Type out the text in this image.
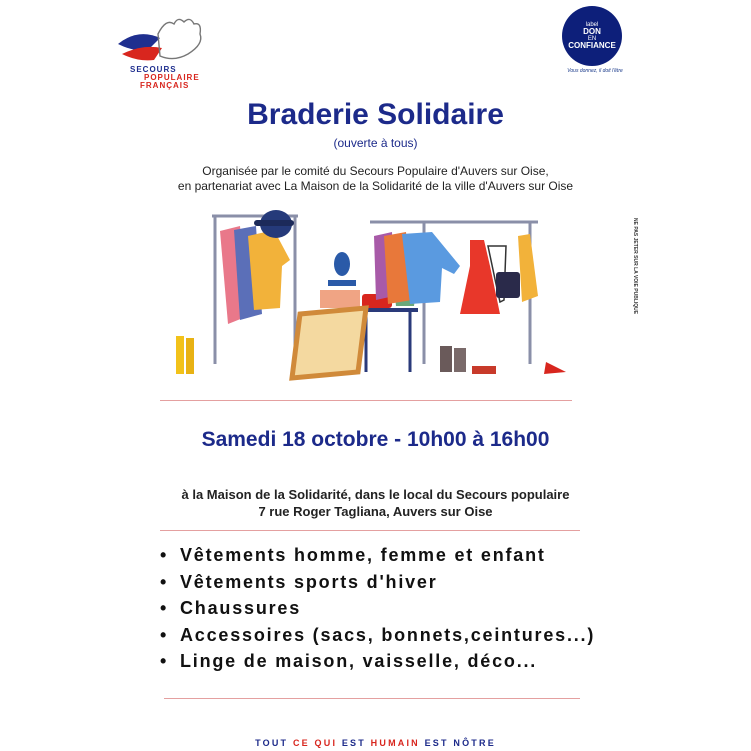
SECOURS
POPULAIRE
FRANÇAIS
label
DON
EN
CONFIANCE
Vous donnez, il doit l'être
Braderie Solidaire
(ouverte à tous)
Organisée par le comité du Secours Populaire d'Auvers sur Oise,
en partenariat avec La Maison de la Solidarité de la ville d'Auvers sur Oise
NE PAS JETER SUR LA VOIE PUBLIQUE
Samedi 18 octobre - 10h00 à 16h00
à la Maison de la Solidarité, dans le local du Secours populaire
7 rue Roger Tagliana, Auvers sur Oise
• Vêtements homme, femme et enfant
• Vêtements sports d'hiver
• Chaussures
• Accessoires (sacs, bonnets,ceintures...)
• Linge de maison, vaisselle, déco...
TOUT CE QUI EST HUMAIN EST NÔTRE
